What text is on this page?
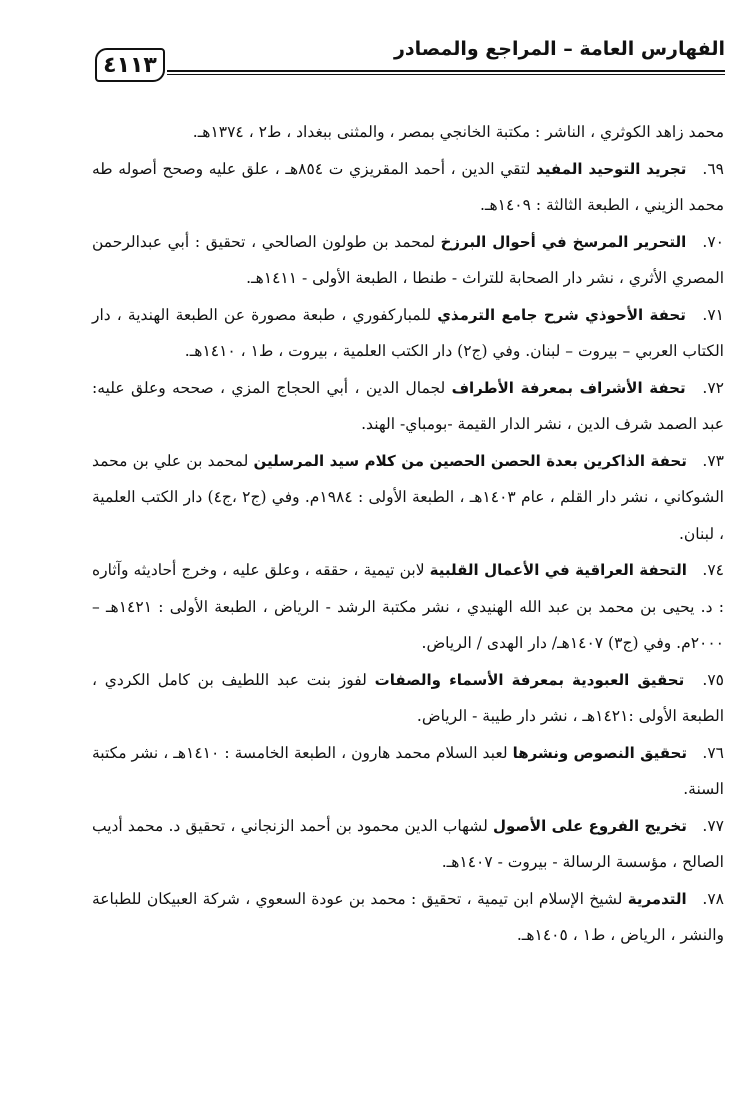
الفهارس العامة – المراجع والمصادر
٤١١٣

محمد زاهد الكوثري ، الناشر : مكتبة الخانجي بمصر ، والمثنى ببغداد ، ط٢ ، ١٣٧٤هـ.

٦٩. تجريد التوحيد المفيد لتقي الدين ، أحمد المقريزي ت ٨٥٤هـ ، علق عليه وصحح أصوله طه محمد الزيني ، الطبعة الثالثة : ١٤٠٩هـ.

٧٠. التحرير المرسخ في أحوال البرزخ لمحمد بن طولون الصالحي ، تحقيق : أبي عبدالرحمن المصري الأثري ، نشر دار الصحابة للتراث - طنطا ، الطبعة الأولى - ١٤١١هـ.

٧١. تحفة الأحوذي شرح جامع الترمذي للمباركفوري ، طبعة مصورة عن الطبعة الهندية ، دار الكتاب العربي – بيروت – لبنان. وفي (ج٢) دار الكتب العلمية ، بيروت ، ط١ ، ١٤١٠هـ.

٧٢. تحفة الأشراف بمعرفة الأطراف لجمال الدين ، أبي الحجاج المزي ، صححه وعلق عليه: عبد الصمد شرف الدين ، نشر الدار القيمة -بومباي- الهند.

٧٣. تحفة الذاكرين بعدة الحصن الحصين من كلام سيد المرسلين لمحمد بن علي بن محمد الشوكاني ، نشر دار القلم ، عام ١٤٠٣هـ ، الطبعة الأولى : ١٩٨٤م. وفي (ج٢ ،ج٤) دار الكتب العلمية ، لبنان.

٧٤. التحفة العراقية في الأعمال القلبية لابن تيمية ، حققه ، وعلق عليه ، وخرج أحاديثه وآثاره : د. يحيى بن محمد بن عبد الله الهنيدي ، نشر مكتبة الرشد - الرياض ، الطبعة الأولى : ١٤٢١هـ – ٢٠٠٠م. وفي (ج٣) ١٤٠٧هـ/ دار الهدى / الرياض.

٧٥. تحقيق العبودية بمعرفة الأسماء والصفات لفوز بنت عبد اللطيف بن كامل الكردي ، الطبعة الأولى :١٤٢١هـ ، نشر دار طيبة - الرياض.

٧٦. تحقيق النصوص ونشرها لعبد السلام محمد هارون ، الطبعة الخامسة : ١٤١٠هـ ، نشر مكتبة السنة.

٧٧. تخريج الفروع على الأصول لشهاب الدين محمود بن أحمد الزنجاني ، تحقيق د. محمد أديب الصالح ، مؤسسة الرسالة - بيروت - ١٤٠٧هـ.

٧٨. التدمرية لشيخ الإسلام ابن تيمية ، تحقيق : محمد بن عودة السعوي ، شركة العبيكان للطباعة والنشر ، الرياض ، ط١ ، ١٤٠٥هـ.
